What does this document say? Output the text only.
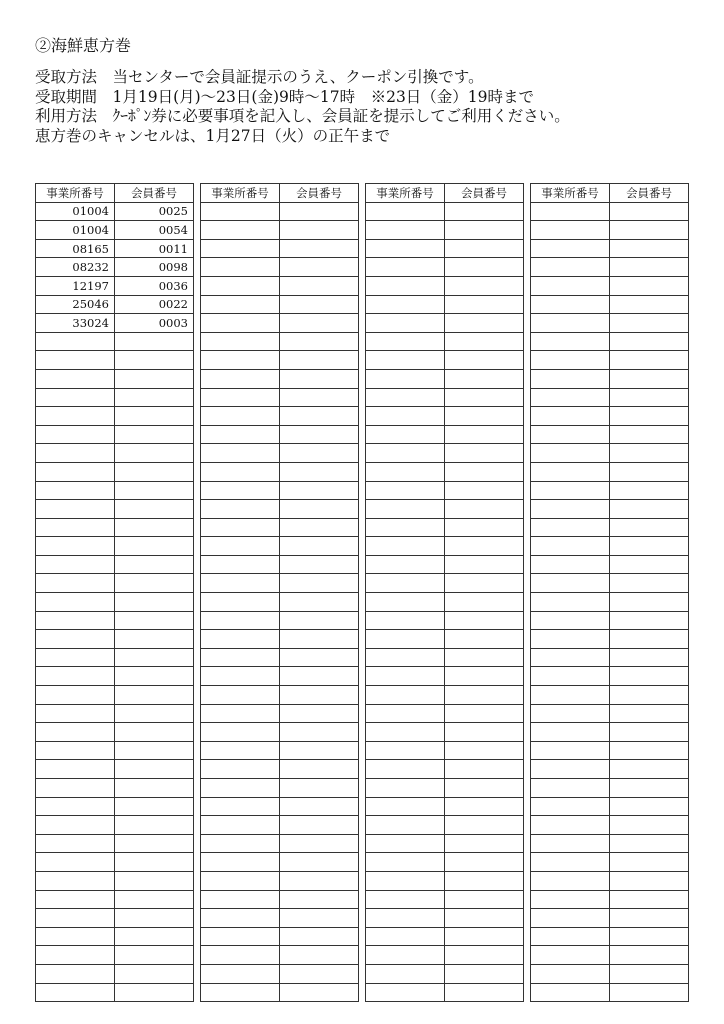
②海鮮恵方巻
受取方法　当センターで会員証提示のうえ、クーポン引換です。
受取期間　1月19日(月)～23日(金)9時～17時　※23日（金）19時まで
利用方法　ｸｰﾎﾟﾝ券に必要事項を記入し、会員証を提示してご利用ください。
恵方巻のキャンセルは、1月27日（火）の正午まで
事業所番号	会員番号
01004	0025
01004	0054
08165	0011
08232	0098
12197	0036
25046	0022
33024	0003

事業所番号	会員番号

		事業所番号	会員番号

		事業所番号	会員番号
